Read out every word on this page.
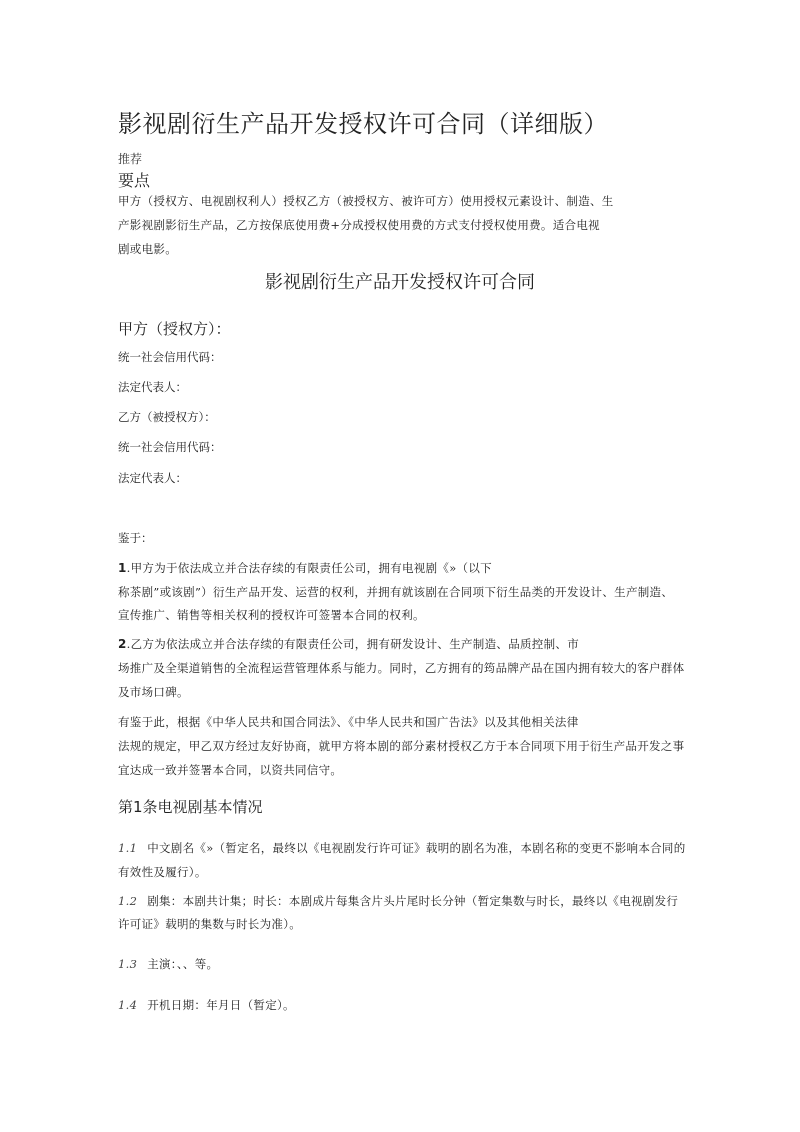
影视剧衍生产品开发授权许可合同（详细版）
推荐
要点
甲方（授权方、电视剧权利人）授权乙方（被授权方、被许可方）使用授权元素设计、制造、生
产影视剧影衍生产品，乙方按保底使用费+分成授权使用费的方式支付授权使用费。适合电视
剧或电影。
影视剧衍生产品开发授权许可合同
甲方（授权方）：
统一社会信用代码：
法定代表人：
乙方（被授权方）：
统一社会信用代码：
法定代表人：
鉴于：
1.甲方为于依法成立并合法存续的有限责任公司，拥有电视剧《»（以下
称茶剧”或该剧”）衍生产品开发、运营的权利，并拥有就该剧在合同项下衍生品类的开发设计、生产制造、
宣传推广、销售等相关权利的授权许可签署本合同的权利。
2.乙方为依法成立并合法存续的有限责任公司，拥有研发设计、生产制造、品质控制、市
场推广及全渠道销售的全流程运营管理体系与能力。同时，乙方拥有的筠品牌产品在国内拥有较大的客户群体
及市场口碑。
有鉴于此，根据《中华人民共和国合同法》、《中华人民共和国广告法》以及其他相关法律
法规的规定，甲乙双方经过友好协商，就甲方将本剧的部分素材授权乙方于本合同项下用于衍生产品开发之事
宜达成一致并签署本合同，以资共同信守。
第1条电视剧基本情况
1.1 中文剧名《»（暂定名，最终以《电视剧发行许可证》载明的剧名为准，本剧名称的变更不影响本合同的
有效性及履行）。
1.2 剧集：本剧共计集；时长：本剧成片每集含片头片尾时长分钟（暂定集数与时长，最终以《电视剧发行
许可证》载明的集数与时长为准）。
1.3 主演：、、等。
1.4 开机日期：年月日（暂定）。
